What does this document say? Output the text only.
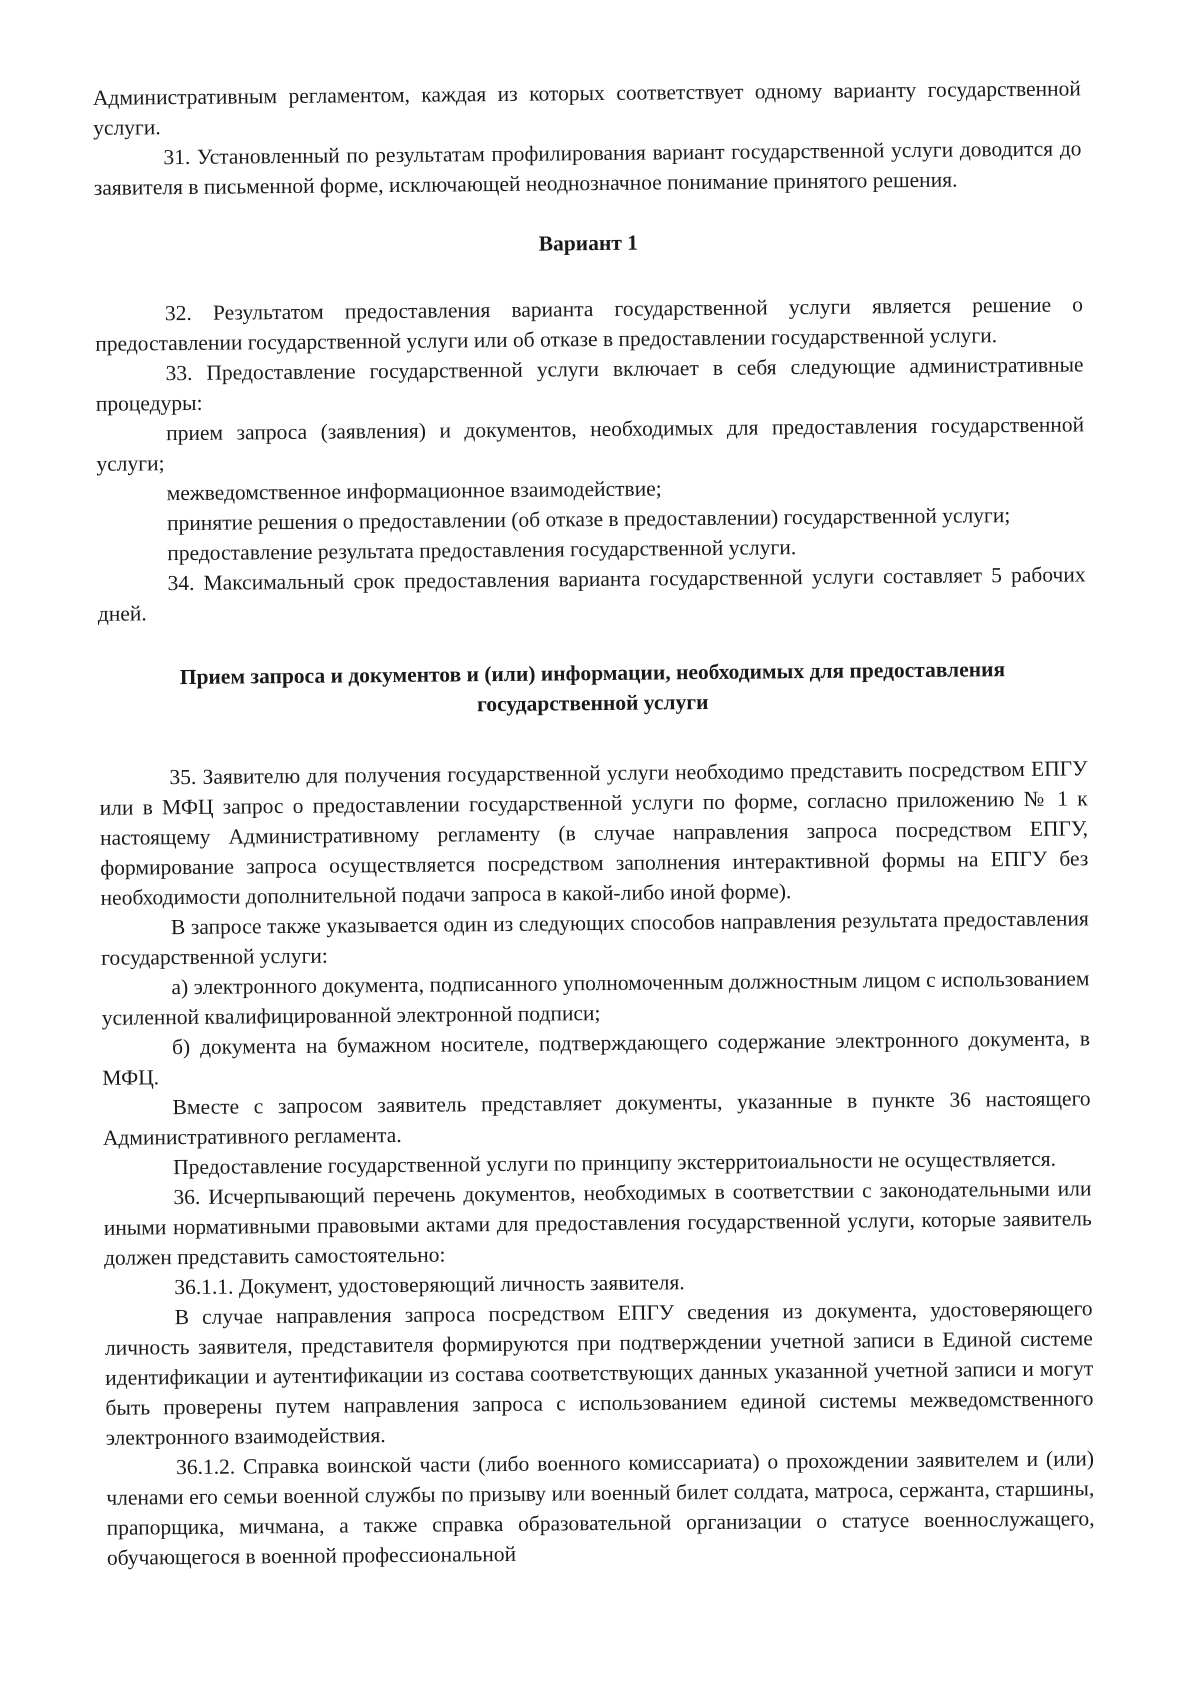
Административным регламентом, каждая из которых соответствует одному варианту государственной услуги.

31. Установленный по результатам профилирования вариант государственной услуги доводится до заявителя в письменной форме, исключающей неоднозначное понимание принятого решения.

Вариант 1

32. Результатом предоставления варианта государственной услуги является решение о предоставлении государственной услуги или об отказе в предоставлении государственной услуги.

33. Предоставление государственной услуги включает в себя следующие административные процедуры:

прием запроса (заявления) и документов, необходимых для предоставления государственной услуги;

межведомственное информационное взаимодействие;

принятие решения о предоставлении (об отказе в предоставлении) государственной услуги;

предоставление результата предоставления государственной услуги.

34. Максимальный срок предоставления варианта государственной услуги составляет 5 рабочих дней.

Прием запроса и документов и (или) информации, необходимых для предоставления государственной услуги

35. Заявителю для получения государственной услуги необходимо представить посредством ЕПГУ или в МФЦ запрос о предоставлении государственной услуги по форме, согласно приложению № 1 к настоящему Административному регламенту (в случае направления запроса посредством ЕПГУ, формирование запроса осуществляется посредством заполнения интерактивной формы на ЕПГУ без необходимости дополнительной подачи запроса в какой-либо иной форме).

В запросе также указывается один из следующих способов направления результата предоставления государственной услуги:

а) электронного документа, подписанного уполномоченным должностным лицом с использованием усиленной квалифицированной электронной подписи;

б) документа на бумажном носителе, подтверждающего содержание электронного документа, в МФЦ.

Вместе с запросом заявитель представляет документы, указанные в пункте 36 настоящего Административного регламента.

Предоставление государственной услуги по принципу экстерритоиальности не осуществляется.

36. Исчерпывающий перечень документов, необходимых в соответствии с законодательными или иными нормативными правовыми актами для предоставления государственной услуги, которые заявитель должен представить самостоятельно:

36.1.1. Документ, удостоверяющий личность заявителя.

В случае направления запроса посредством ЕПГУ сведения из документа, удостоверяющего личность заявителя, представителя формируются при подтверждении учетной записи в Единой системе идентификации и аутентификации из состава соответствующих данных указанной учетной записи и могут быть проверены путем направления запроса с использованием единой системы межведомственного электронного взаимодействия.

36.1.2. Справка воинской части (либо военного комиссариата) о прохождении заявителем и (или) членами его семьи военной службы по призыву или военный билет солдата, матроса, сержанта, старшины, прапорщика, мичмана, а также справка образовательной организации о статусе военнослужащего, обучающегося в военной профессиональной
